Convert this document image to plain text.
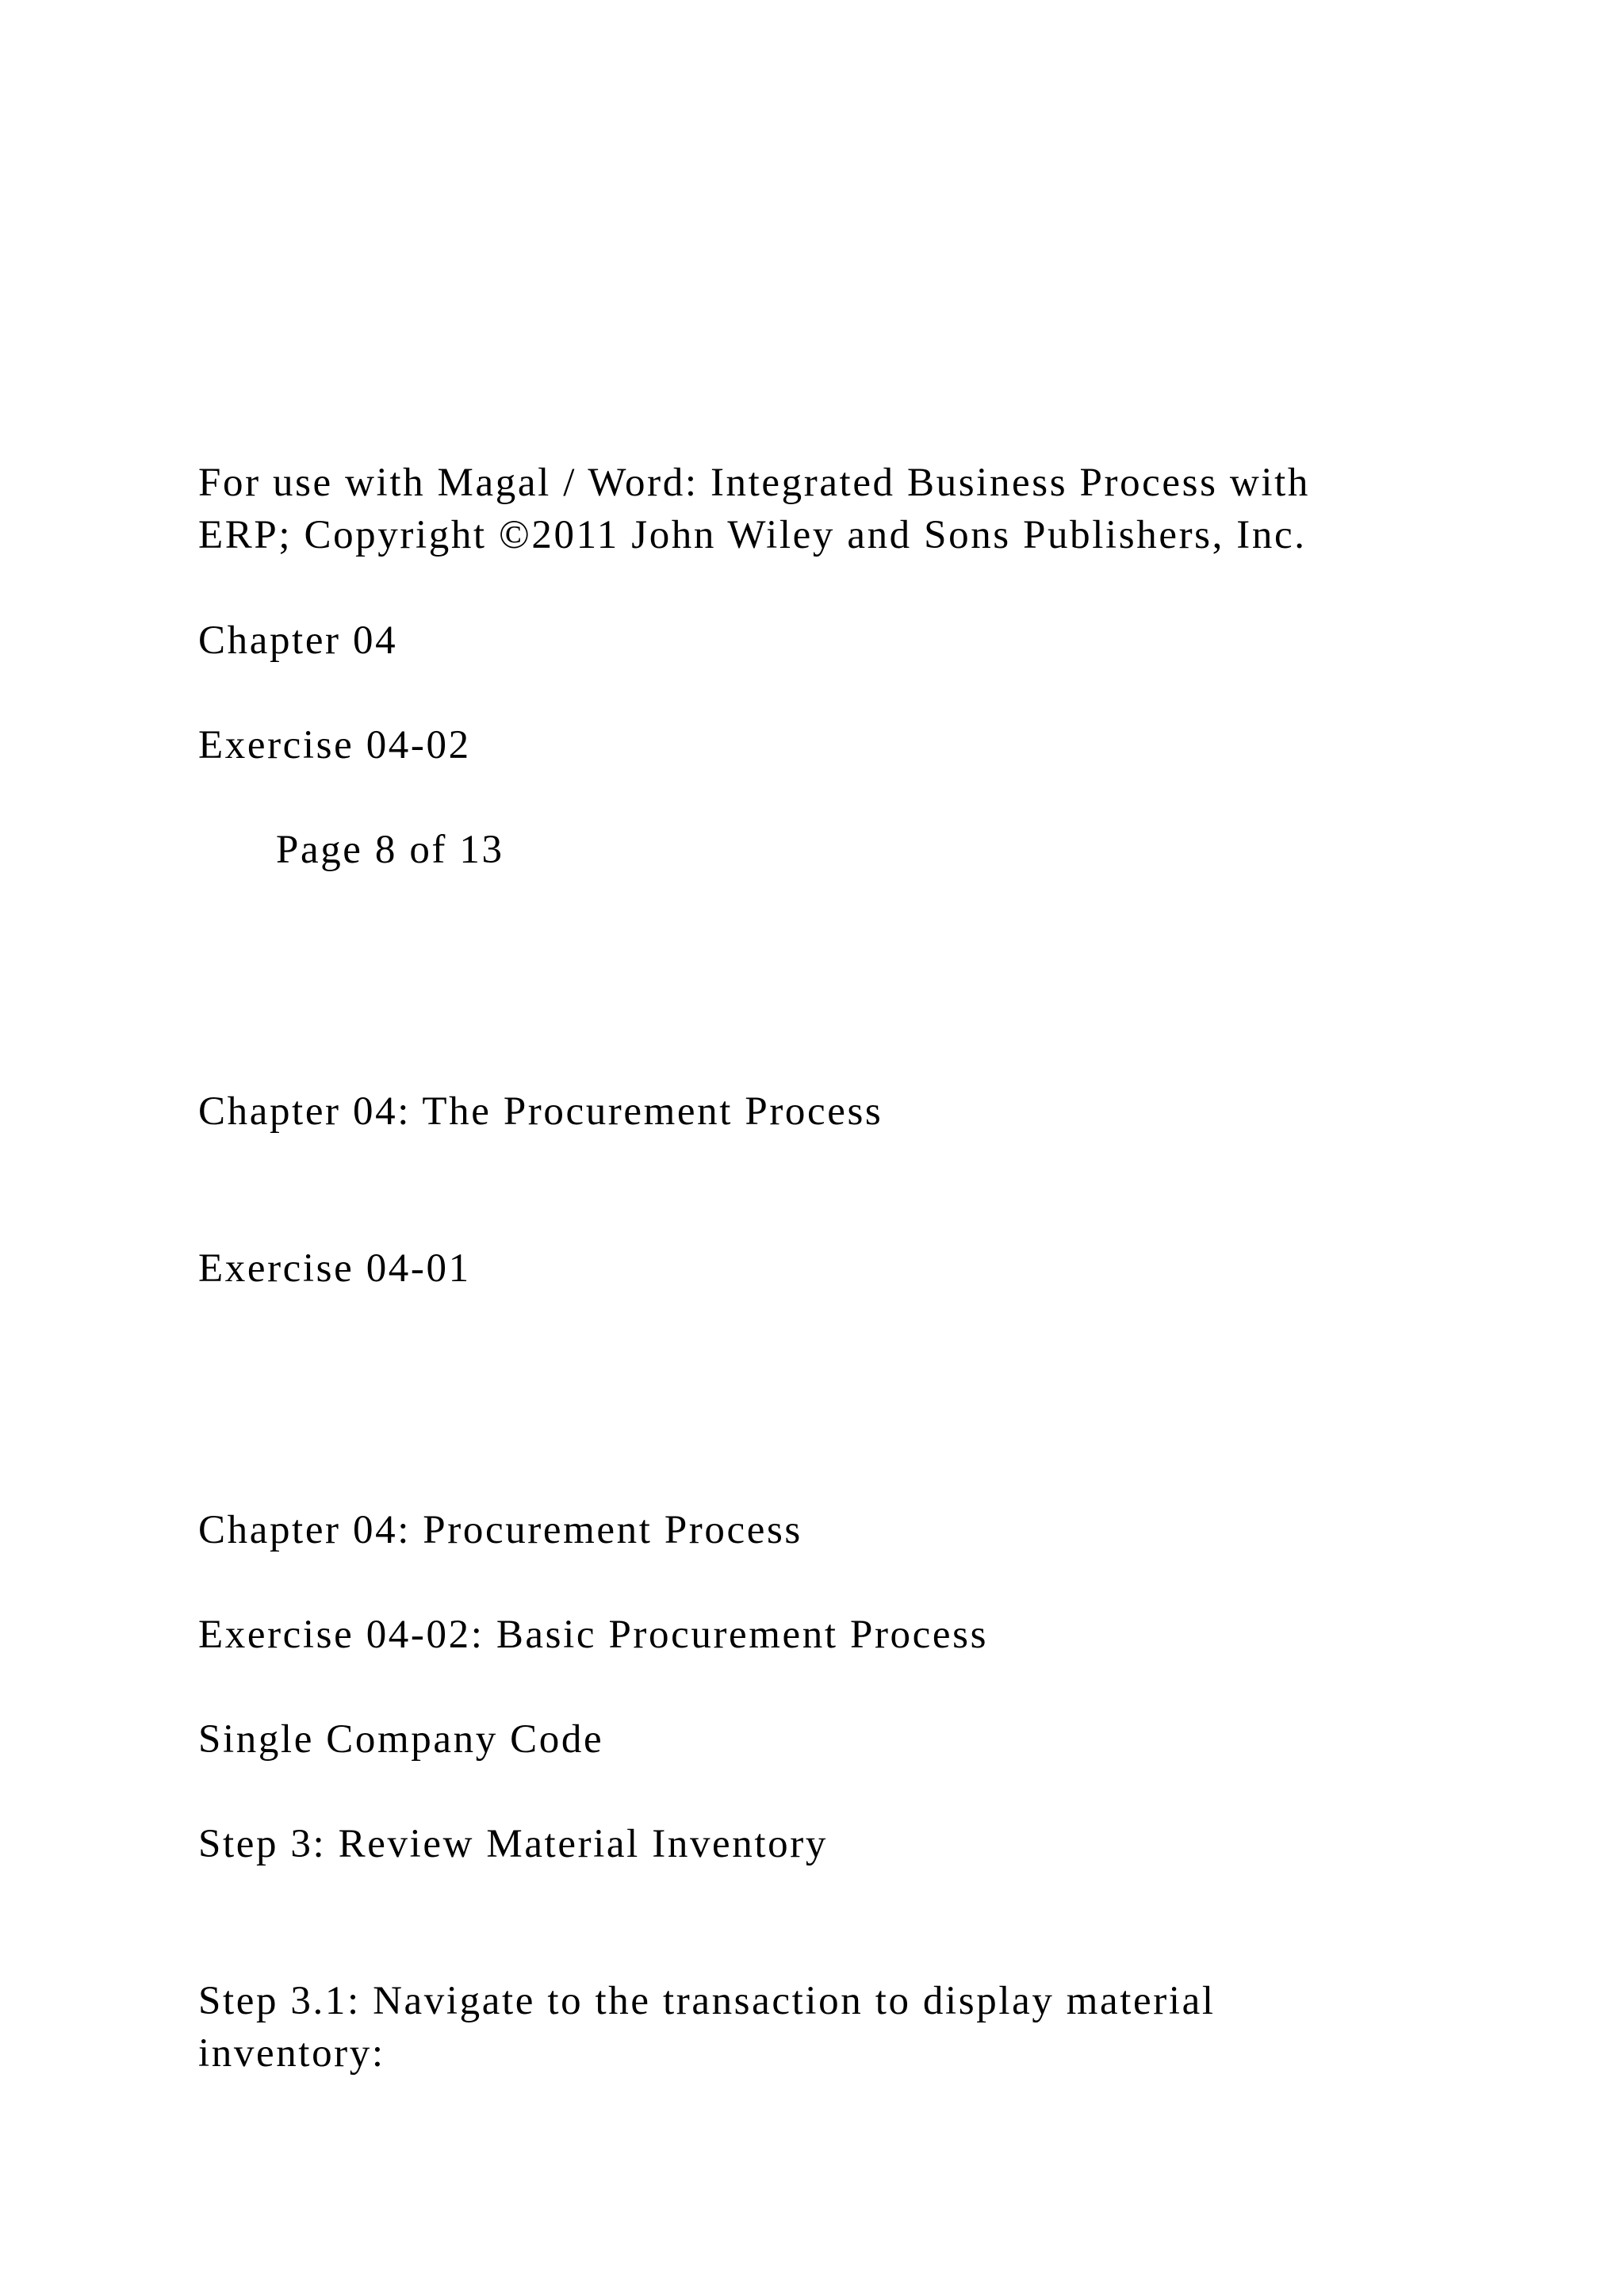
For use with Magal / Word: Integrated Business Process with

ERP; Copyright ©2011 John Wiley and Sons Publishers, Inc.

Chapter 04

Exercise 04-02

Page 8 of 13

Chapter 04: The Procurement Process

Exercise 04-01

Chapter 04: Procurement Process

Exercise 04-02: Basic Procurement Process

Single Company Code

Step 3: Review Material Inventory

Step 3.1: Navigate to the transaction to display material

inventory:
